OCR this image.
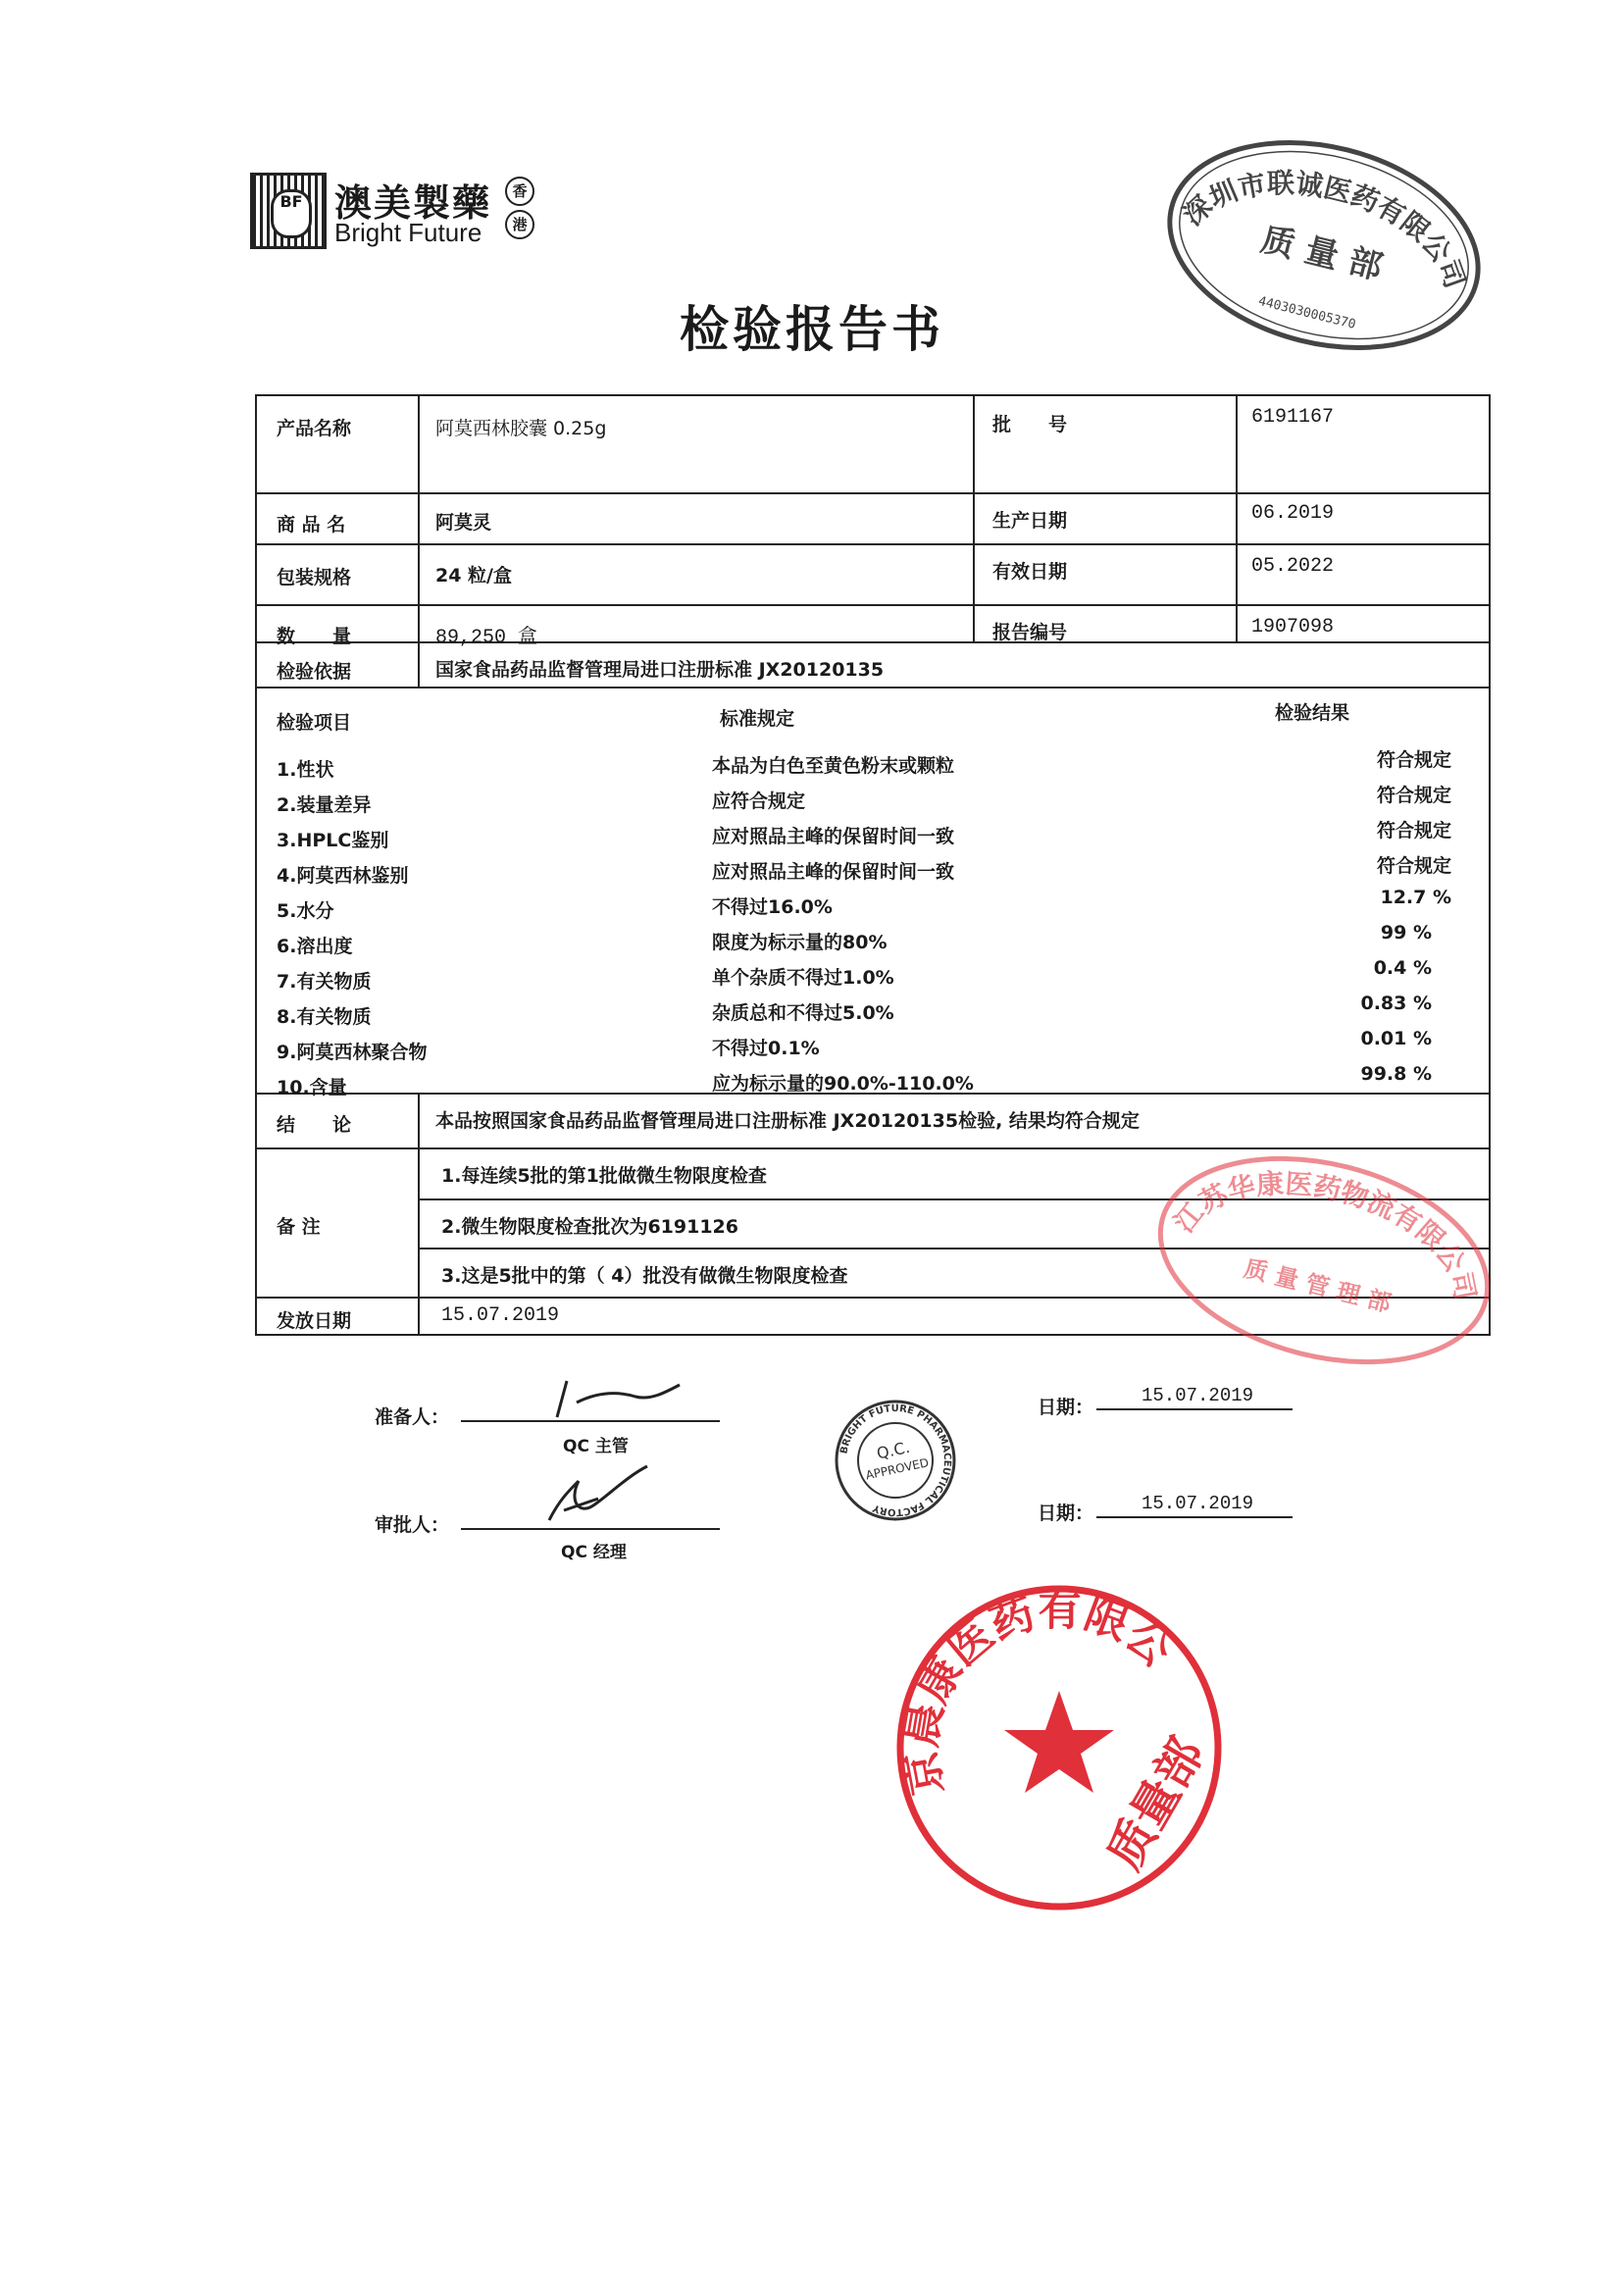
BF 澳美製藥
Bright Future
香
港
检验报告书
产品名称	阿莫西林胶囊 0.25g	批　　号	6191167
商 品 名	阿莫灵	生产日期	06.2019
包装规格	24 粒/盒	有效日期	05.2022
数　　量	89,250 盒	报告编号	1907098
检验依据	国家食品药品监督管理局进口注册标准 JX20120135
检验项目	标准规定	检验结果
1.性状	本品为白色至黄色粉末或颗粒	符合规定
2.装量差异	应符合规定	符合规定
3.HPLC鉴别	应对照品主峰的保留时间一致	符合规定
4.阿莫西林鉴别	应对照品主峰的保留时间一致	符合规定
5.水分	不得过16.0%	12.7 %
6.溶出度	限度为标示量的80%	99 %
7.有关物质	单个杂质不得过1.0%	0.4 %
8.有关物质	杂质总和不得过5.0%	0.83 %
9.阿莫西林聚合物	不得过0.1%	0.01 %
10.含量	应为标示量的90.0%-110.0%	99.8 %
结　　论	本品按照国家食品药品监督管理局进口注册标准 JX20120135检验, 结果均符合规定
备 注
1.每连续5批的第1批做微生物限度检查
2.微生物限度检查批次为6191126
3.这是5批中的第（ 4）批没有做微生物限度检查
发放日期	15.07.2019
准备人：
QC 主管
审批人：
QC 经理
日期：
15.07.2019
日期：	15.07.2019
深圳市联诚医药有限公司
质 量 部
4403030005370
江苏华康医药物流有限公司
质 量 管 理 部
BRIGHT FUTURE PHARMACEUTICAL FACTORY
Q.C.
APPROVED
南京晨康医药有限公司
质量部
